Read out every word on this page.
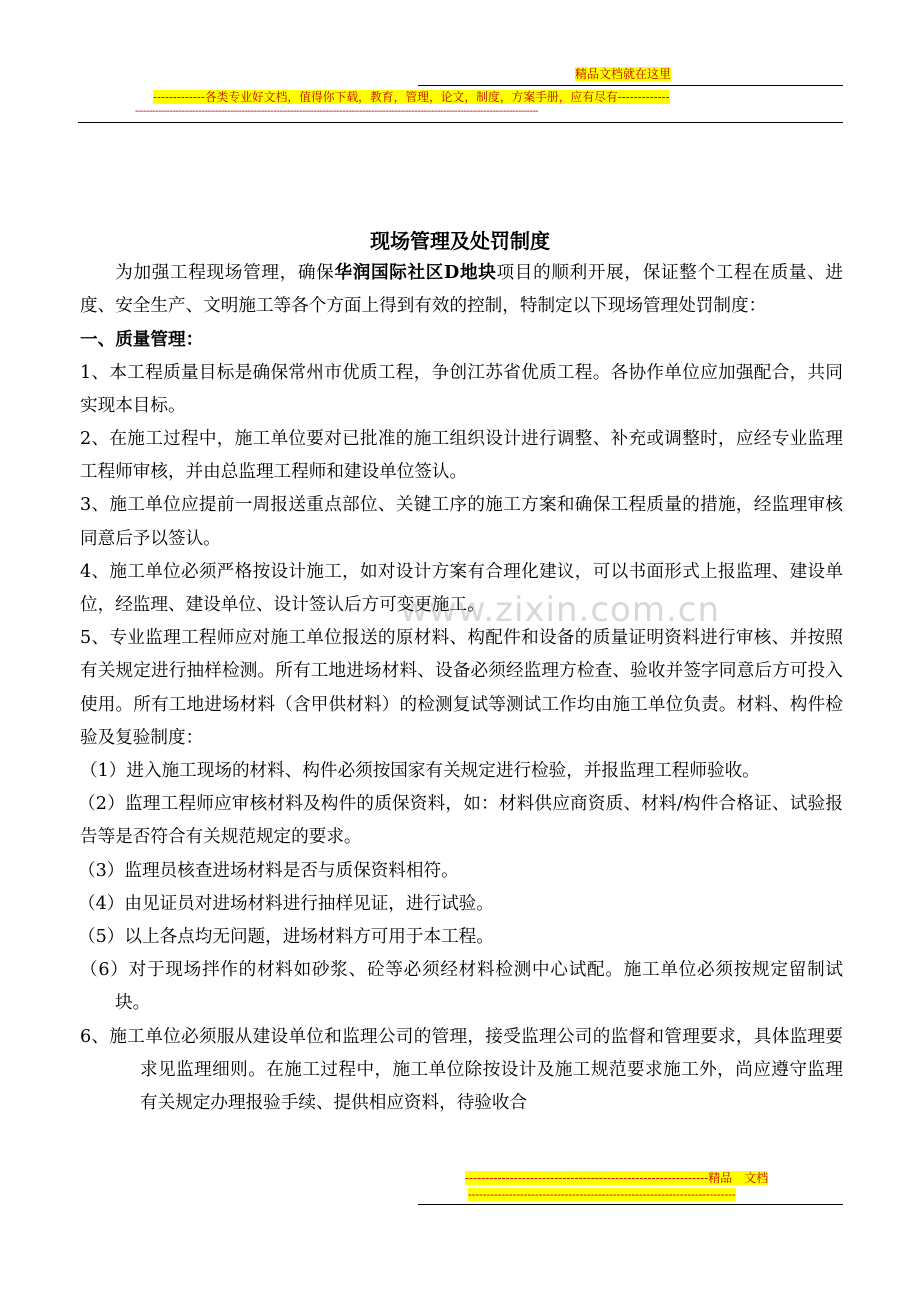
精品文档就在这里
-------------各类专业好文档，值得你下载，教育，管理，论文，制度，方案手册，应有尽有-------------
--------------------------------------------------------------------------------------------------------------------------------------------
www.zixin.com.cn
现场管理及处罚制度

为加强工程现场管理，确保华润国际社区D地块项目的顺利开展，保证整个工程在质量、进度、安全生产、文明施工等各个方面上得到有效的控制，特制定以下现场管理处罚制度：

一、质量管理：

1、本工程质量目标是确保常州市优质工程，争创江苏省优质工程。各协作单位应加强配合，共同实现本目标。

2、在施工过程中，施工单位要对已批准的施工组织设计进行调整、补充或调整时，应经专业监理工程师审核，并由总监理工程师和建设单位签认。

3、施工单位应提前一周报送重点部位、关键工序的施工方案和确保工程质量的措施，经监理审核同意后予以签认。

4、施工单位必须严格按设计施工，如对设计方案有合理化建议，可以书面形式上报监理、建设单位，经监理、建设单位、设计签认后方可变更施工。

5、专业监理工程师应对施工单位报送的原材料、构配件和设备的质量证明资料进行审核、并按照有关规定进行抽样检测。所有工地进场材料、设备必须经监理方检查、验收并签字同意后方可投入使用。所有工地进场材料（含甲供材料）的检测复试等测试工作均由施工单位负责。材料、构件检验及复验制度：

（1）进入施工现场的材料、构件必须按国家有关规定进行检验，并报监理工程师验收。

（2）监理工程师应审核材料及构件的质保资料，如：材料供应商资质、材料/构件合格证、试验报告等是否符合有关规范规定的要求。

（3）监理员核查进场材料是否与质保资料相符。

（4）由见证员对进场材料进行抽样见证，进行试验。

（5）以上各点均无问题，进场材料方可用于本工程。

（6）对于现场拌作的材料如砂浆、砼等必须经材料检测中心试配。施工单位必须按规定留制试块。

6、施工单位必须服从建设单位和监理公司的管理，接受监理公司的监督和管理要求，具体监理要求见监理细则。在施工过程中，施工单位除按设计及施工规范要求施工外，尚应遵守监理有关规定办理报验手续、提供相应资料，待验收合

------------------------------------------------------------精品　文档
------------------------------------------------------------------------
